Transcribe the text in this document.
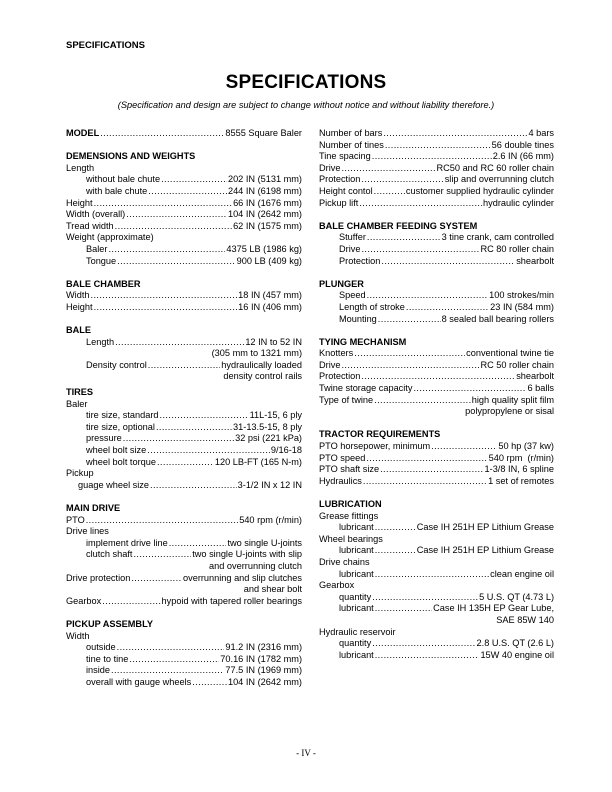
SPECIFICATIONS
SPECIFICATIONS
(Specification and design are subject to change without notice and without liability therefore.)
MODEL .....	8555 Square Baler
DEMENSIONS AND WEIGHTS
Length
without bale chute .....	202 IN (5131 mm)
with bale chute .....	244 IN (6198 mm)
Height .....	66 IN (1676 mm)
Width (overall) .....	104 IN (2642 mm)
Tread width .....	62 IN (1575 mm)
Weight (approximate)
Baler .....	4375 LB (1986 kg)
Tongue .....	900 LB (409 kg)
BALE CHAMBER
Width .....	18 IN (457 mm)
Height .....	16 IN (406 mm)
BALE
Length .....	12 IN to 52 IN
(305 mm to 1321 mm)
Density control .....	hydraulically loaded
density control rails
TIRES
Baler
tire size, standard .....	11L-15, 6 ply
tire size, optional .....	31-13.5-15, 8 ply
pressure .....	32 psi (221 kPa)
wheel bolt size .....	9/16-18
wheel bolt torque .....	120 LB-FT (165 N-m)
Pickup
guage wheel size .....	3-1/2 IN x 12 IN
MAIN DRIVE
PTO .....	540 rpm (r/min)
Drive lines
implement drive line .....	two single U-joints
clutch shaft .....	two single U-joints with slip
and overrunning clutch
Drive protection .....	overrunning and slip clutches
and shear bolt
Gearbox .....	hypoid with tapered roller bearings
PICKUP ASSEMBLY
Width
outside .....	91.2 IN (2316 mm)
tine to tine .....	70.16 IN (1782 mm)
inside .....	77.5 IN (1969 mm)
overall with gauge wheels .....	104 IN (2642 mm)
Number of bars .....	4 bars
Number of tines .....	56 double tines
Tine spacing .....	2.6 IN (66 mm)
Drive .....	RC50 and RC 60 roller chain
Protection .....	slip and overrunning clutch
Height contol .....	customer supplied hydraulic cylinder
Pickup lift .....	hydraulic cylinder
BALE CHAMBER FEEDING SYSTEM
Stuffer .....	3 tine crank, cam controlled
Drive .....	RC 80 roller chain
Protection .....	shearbolt
PLUNGER
Speed .....	100 strokes/min
Length of stroke .....	23 IN (584 mm)
Mounting .....	8 sealed ball bearing rollers
TYING MECHANISM
Knotters .....	conventional twine tie
Drive .....	RC 50 roller chain
Protection .....	shearbolt
Twine storage capacity .....	6 balls
Type of twine .....	high quality split film
polypropylene or sisal
TRACTOR REQUIREMENTS
PTO horsepower, minimum .....	50 hp (37 kw)
PTO speed .....	540 rpm  (r/min)
PTO shaft size .....	1-3/8 IN, 6 spline
Hydraulics .....	1 set of remotes
LUBRICATION
Grease fittings
lubricant .....	Case IH 251H EP Lithium Grease
Wheel bearings
lubricant .....	Case IH 251H EP Lithium Grease
Drive chains
lubricant .....	clean engine oil
Gearbox
quantity .....	5 U.S. QT (4.73 L)
lubricant .....	Case IH 135H EP Gear Lube,
SAE 85W 140
Hydraulic reservoir
quantity .....	2.8 U.S. QT (2.6 L)
lubricant .....	15W 40 engine oil
- IV -
